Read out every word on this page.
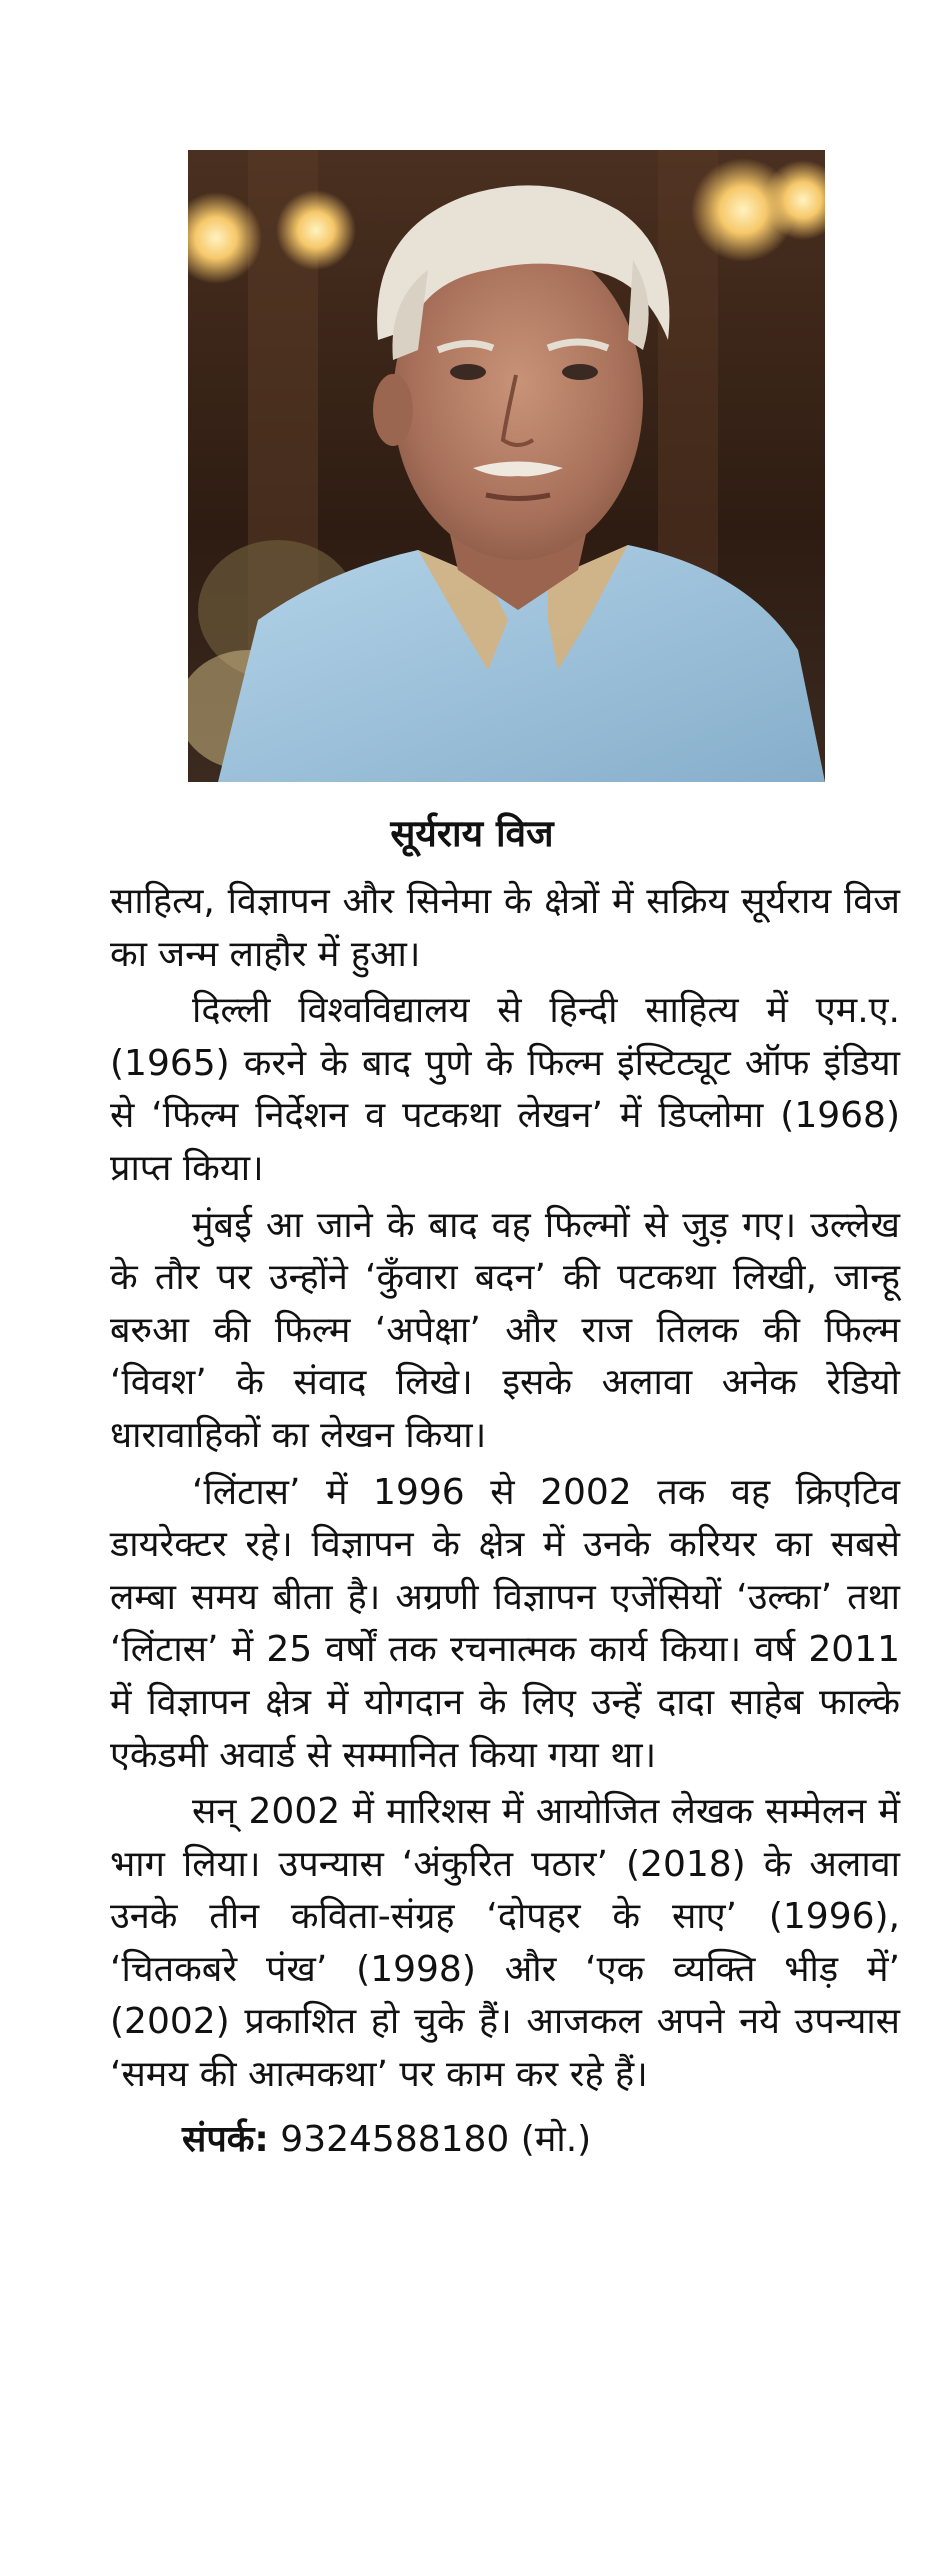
सूर्यराय विज

साहित्य, विज्ञापन और सिनेमा के क्षेत्रों में सक्रिय सूर्यराय विज का जन्म लाहौर में हुआ।

दिल्ली विश्वविद्यालय से हिन्दी साहित्य में एम.ए. (1965) करने के बाद पुणे के फिल्म इंस्टिट्यूट ऑफ इंडिया से ‘फिल्म निर्देशन व पटकथा लेखन’ में डिप्लोमा (1968) प्राप्त किया।

मुंबई आ जाने के बाद वह फिल्मों से जुड़ गए। उल्लेख के तौर पर उन्होंने ‘कुँवारा बदन’ की पटकथा लिखी, जान्हू बरुआ की फिल्म ‘अपेक्षा’ और राज तिलक की फिल्म ‘विवश’ के संवाद लिखे। इसके अलावा अनेक रेडियो धारावाहिकों का लेखन किया।

‘लिंटास’ में 1996 से 2002 तक वह क्रिएटिव डायरेक्टर रहे। विज्ञापन के क्षेत्र में उनके करियर का सबसे लम्बा समय बीता है। अग्रणी विज्ञापन एजेंसियों ‘उल्का’ तथा ‘लिंटास’ में 25 वर्षों तक रचनात्मक कार्य किया। वर्ष 2011 में विज्ञापन क्षेत्र में योगदान के लिए उन्हें दादा साहेब फाल्के एकेडमी अवार्ड से सम्मानित किया गया था।

सन् 2002 में मारिशस में आयोजित लेखक सम्मेलन में भाग लिया। उपन्यास ‘अंकुरित पठार’ (2018) के अलावा उनके तीन कविता-संग्रह ‘दोपहर के साए’ (1996), ‘चितकबरे पंख’ (1998) और ‘एक व्यक्ति भीड़ में’ (2002) प्रकाशित हो चुके हैं। आजकल अपने नये उपन्यास ‘समय की आत्मकथा’ पर काम कर रहे हैं।

संपर्क: 9324588180 (मो.)
